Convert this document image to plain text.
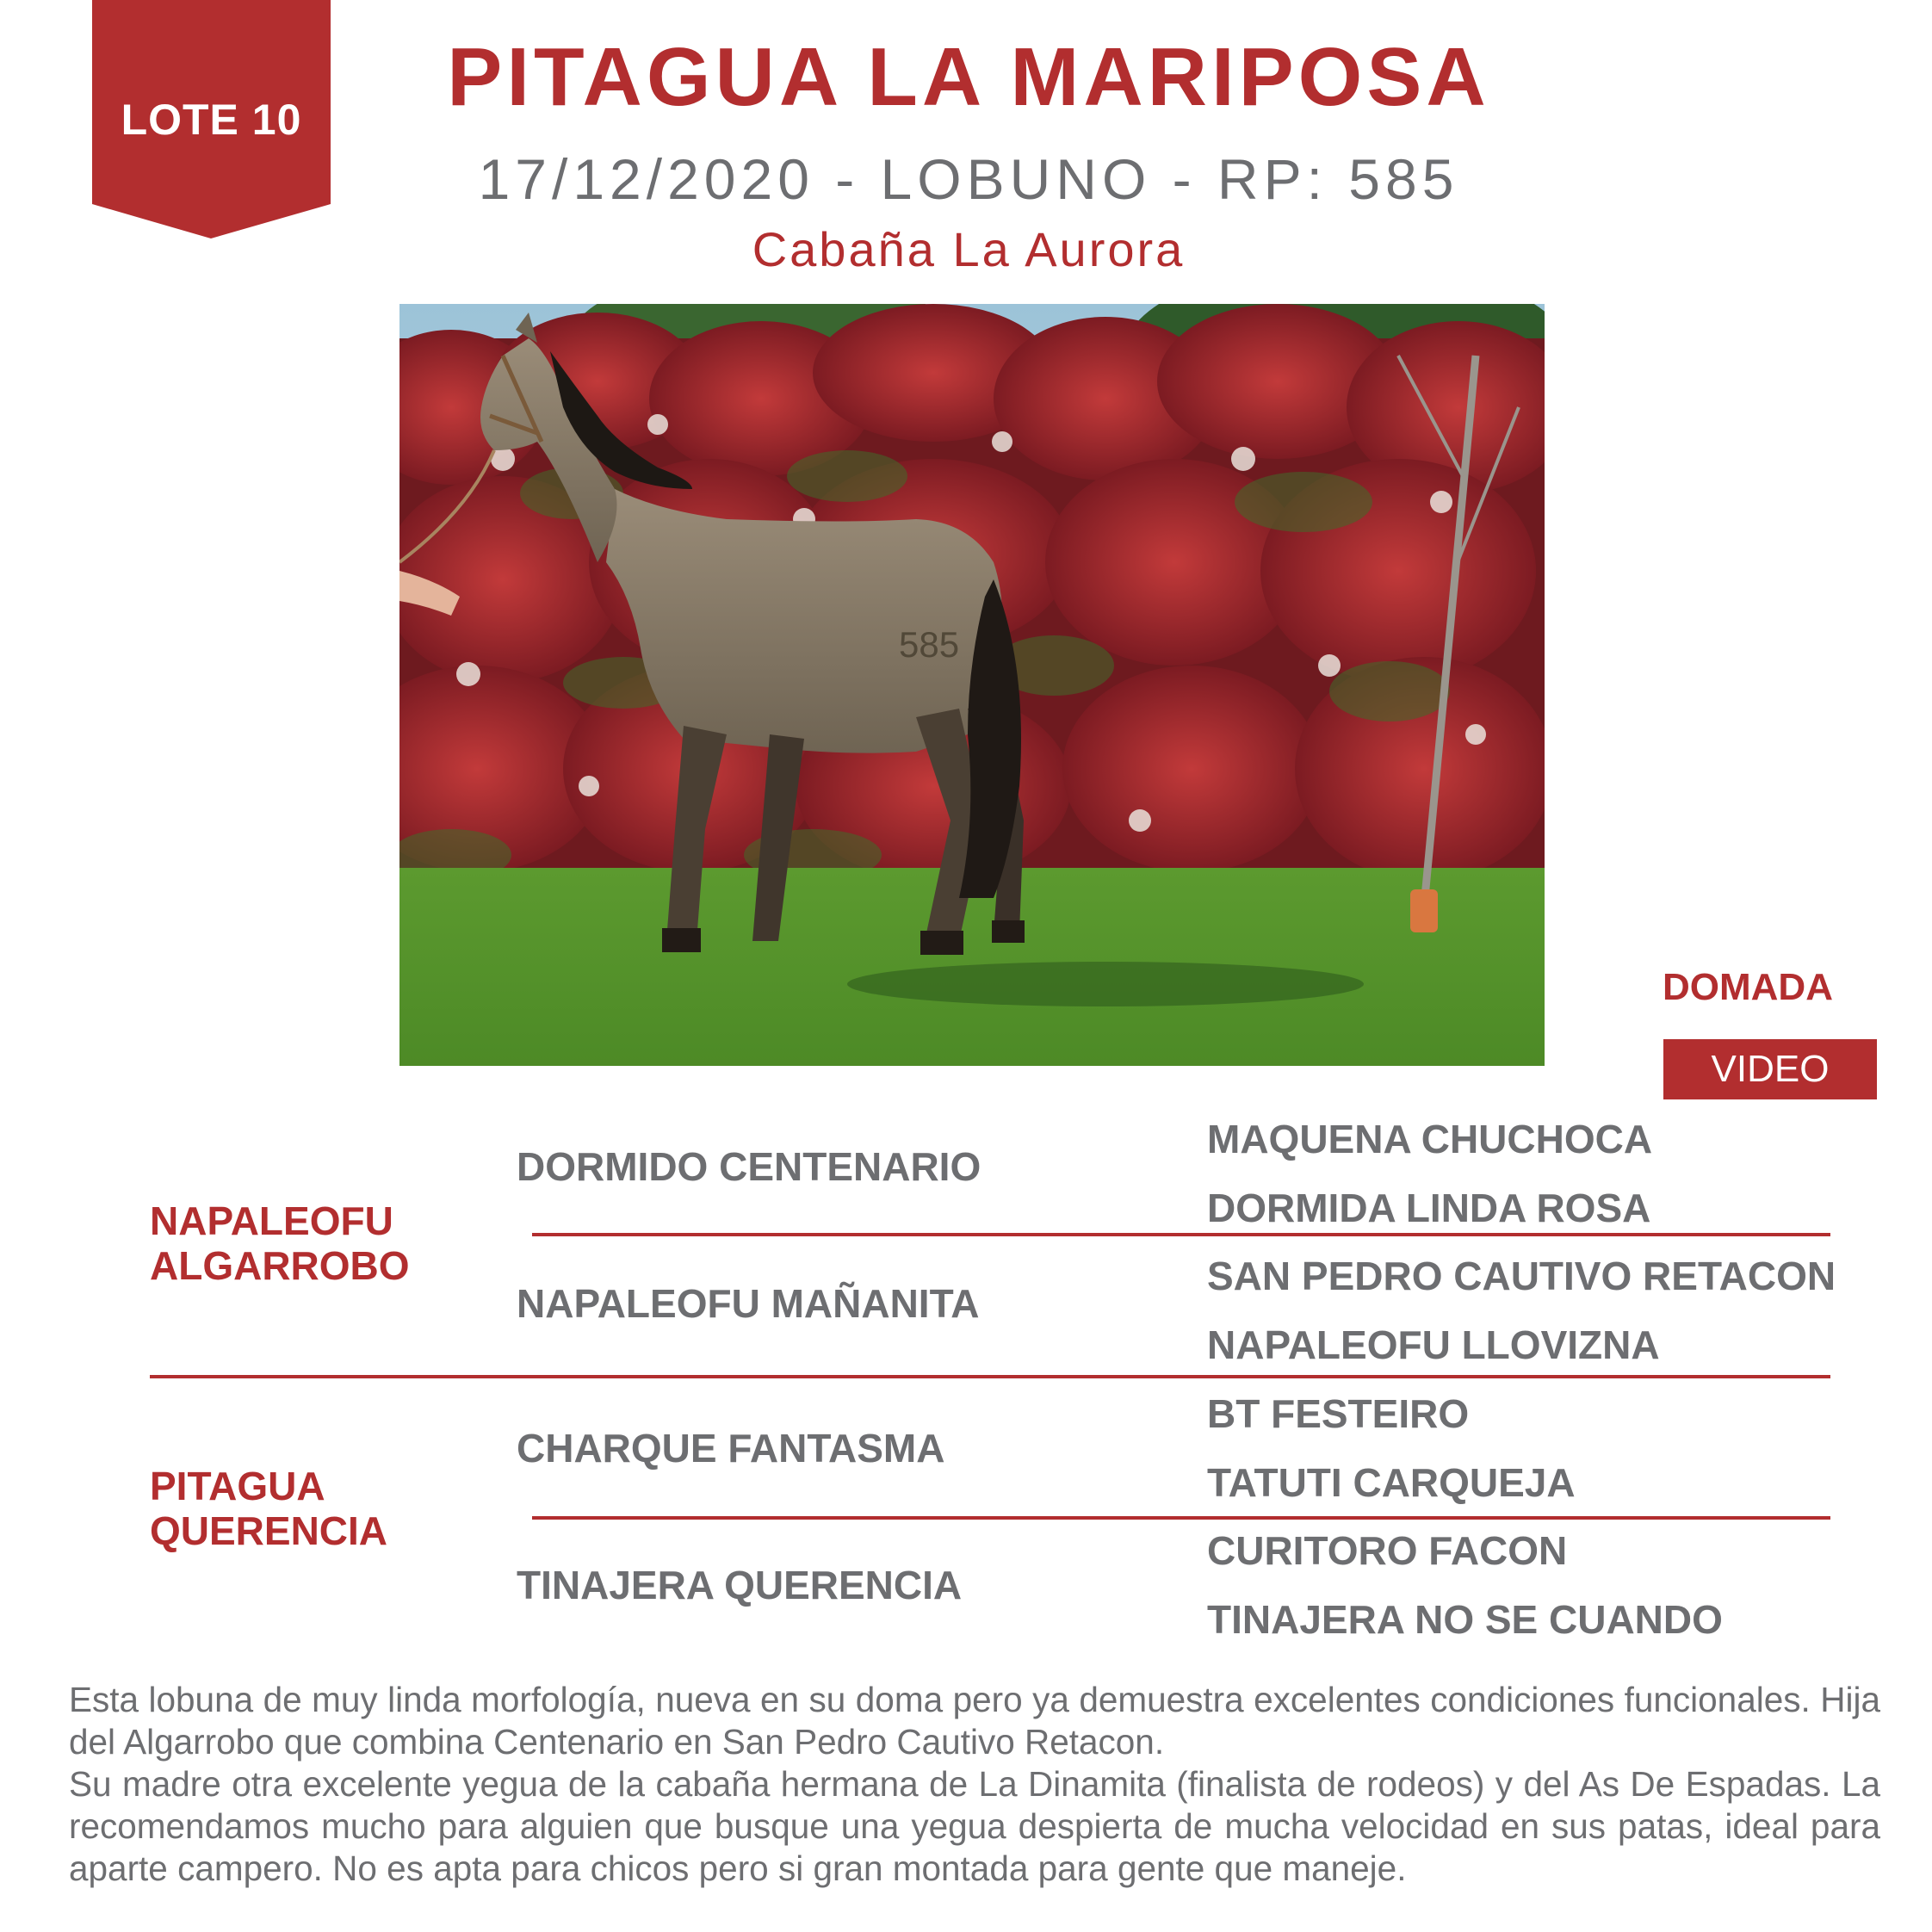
LOTE 10	PITAGUA LA MARIPOSA
17/12/2020 - LOBUNO - RP: 585
Cabaña La Aurora
585
DOMADA
VIDEO
NAPALEOFU
ALGARROBO
PITAGUA
QUERENCIA
DORMIDO CENTENARIO
NAPALEOFU MAÑANITA
CHARQUE FANTASMA
TINAJERA QUERENCIA
MAQUENA CHUCHOCA
DORMIDA LINDA ROSA
SAN PEDRO CAUTIVO RETACON
NAPALEOFU LLOVIZNA
BT FESTEIRO
TATUTI CARQUEJA
CURITORO FACON
TINAJERA NO SE CUANDO

Esta lobuna de muy linda morfología, nueva en su doma pero ya demuestra excelentes condiciones funcionales. Hija del Algarrobo que combina Centenario en San Pedro Cautivo Retacon.

Su madre otra excelente yegua de la cabaña hermana de La Dinamita (finalista de rodeos) y del As De Espadas. La recomendamos mucho para alguien que busque una yegua despierta de mucha velocidad en sus patas, ideal para aparte campero. No es apta para chicos pero si gran montada para gente que maneje.
